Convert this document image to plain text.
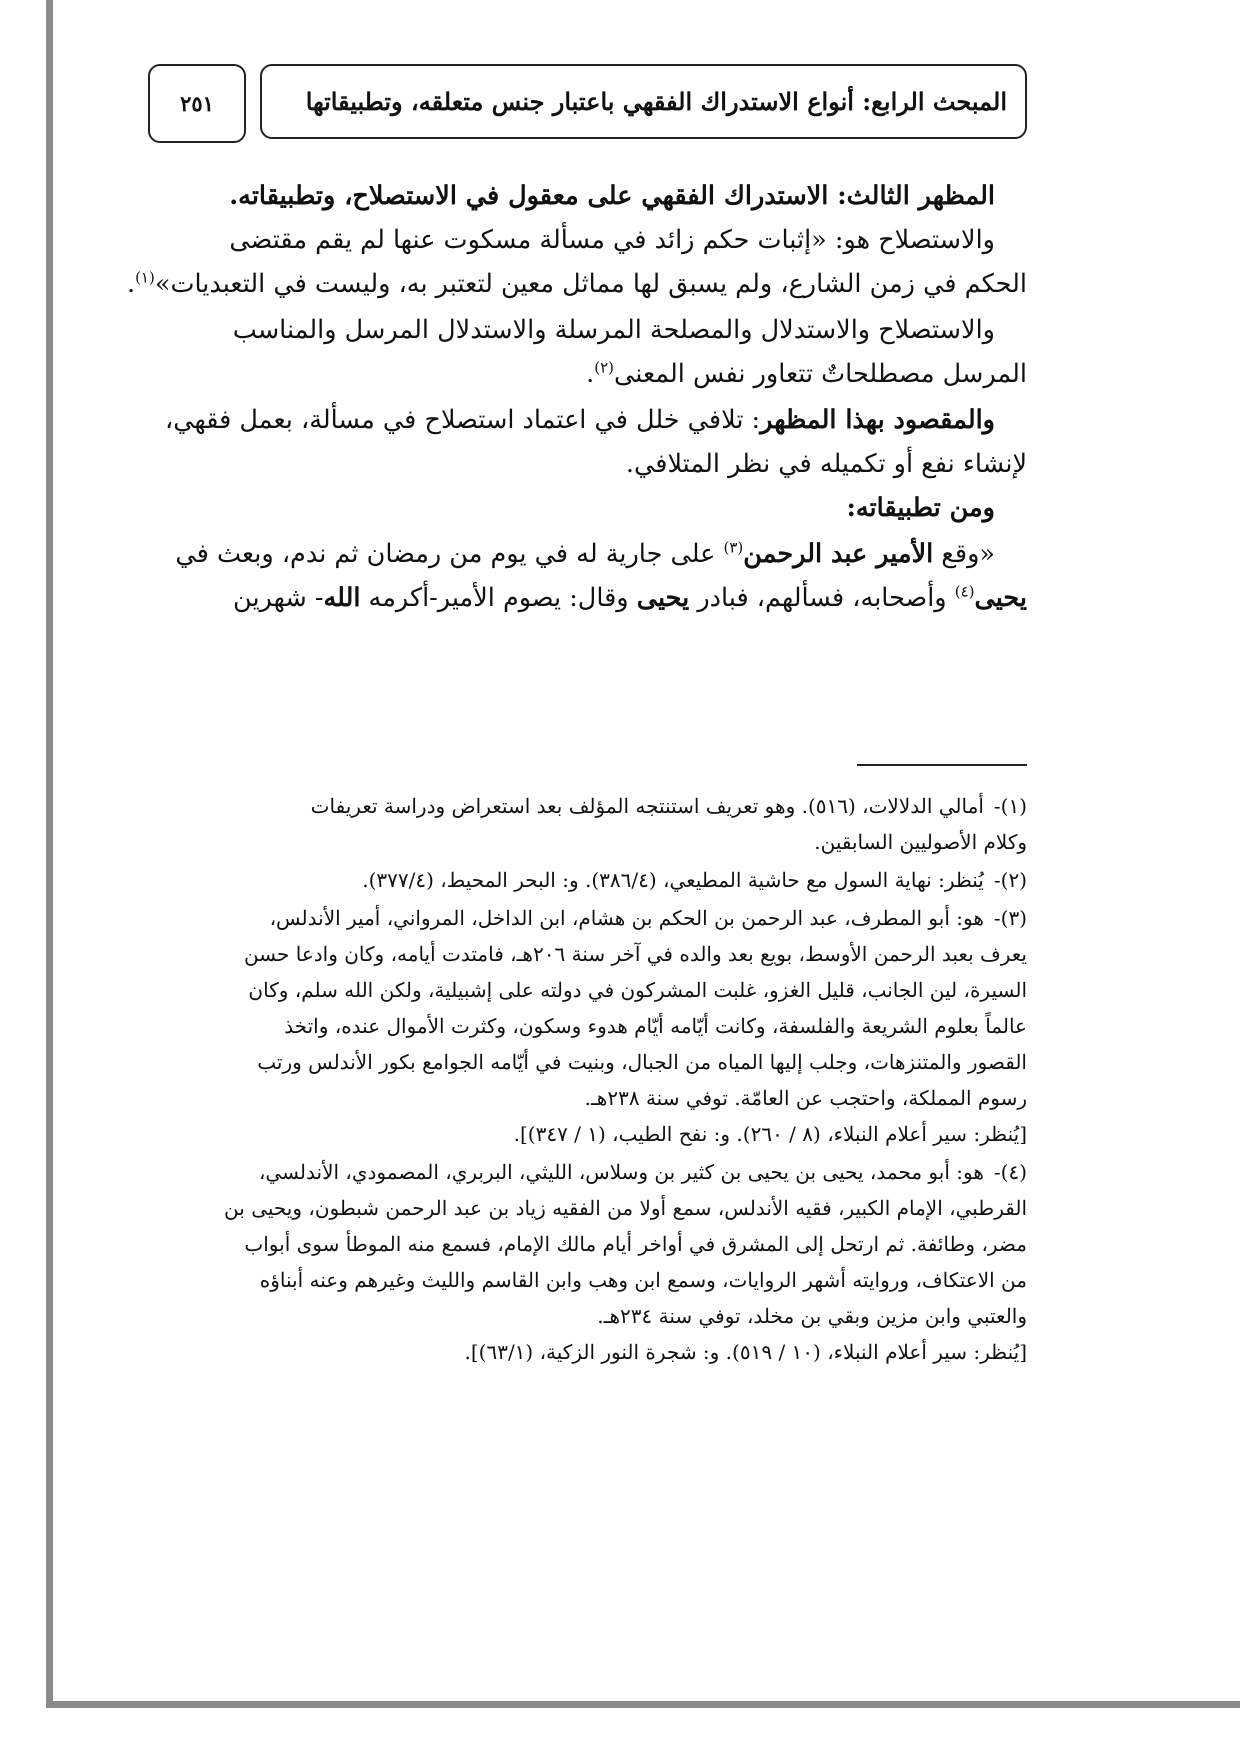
٢٥١	المبحث الرابع: أنواع الاستدراك الفقهي باعتبار جنس متعلقه، وتطبيقاتها
المظهر الثالث: الاستدراك الفقهي على معقول في الاستصلاح، وتطبيقاته.
والاستصلاح هو: «إثبات حكم زائد في مسألة مسكوت عنها لم يقم مقتضى
الحكم في زمن الشارع، ولم يسبق لها مماثل معين لتعتبر به، وليست في التعبديات»$^{(١)}$.
والاستصلاح والاستدلال والمصلحة المرسلة والاستدلال المرسل والمناسب
المرسل مصطلحاتٌ تتعاور نفس المعنى$^{(٢)}$.
والمقصود بهذا المظهر: تلافي خلل في اعتماد استصلاح في مسألة، بعمل فقهي،
لإنشاء نفع أو تكميله في نظر المتلافي.
ومن تطبيقاته:
«وقع الأمير عبد الرحمن$^{(٣)}$ على جارية له في يوم من رمضان ثم ندم، وبعث في
يحيى$^{(٤)}$ وأصحابه، فسألهم، فبادر يحيى وقال: يصوم الأمير-أكرمه الله- شهرين
(١)-أمالي الدلالات، (٥١٦). وهو تعريف استنتجه المؤلف بعد استعراض ودراسة تعريفات
وكلام الأصوليين السابقين.
(٢)-يُنظر: نهاية السول مع حاشية المطيعي، (٣٨٦/٤). و: البحر المحيط، (٣٧٧/٤).
(٣)-هو: أبو المطرف، عبد الرحمن بن الحكم بن هشام، ابن الداخل، المرواني، أمير الأندلس،
يعرف بعبد الرحمن الأوسط، بويع بعد والده في آخر سنة ٢٠٦هـ، فامتدت أيامه، وكان وادعا حسن
السيرة، لين الجانب، قليل الغزو، غلبت المشركون في دولته على إشبيلية، ولكن الله سلم، وكان
عالماً بعلوم الشريعة والفلسفة، وكانت أيّامه أيّام هدوء وسكون، وكثرت الأموال عنده، واتخذ
القصور والمتنزهات، وجلب إليها المياه من الجبال، وبنيت في أيّامه الجوامع بكور الأندلس ورتب
رسوم المملكة، واحتجب عن العامّة. توفي سنة ٢٣٨هـ.
[يُنظر: سير أعلام النبلاء، (٨ / ٢٦٠). و: نفح الطيب، (١ / ٣٤٧)].
(٤)-هو: أبو محمد، يحيى بن يحيى بن كثير بن وسلاس، الليثي، البربري، المصمودي، الأندلسي،
القرطبي، الإمام الكبير، فقيه الأندلس، سمع أولا من الفقيه زياد بن عبد الرحمن شبطون، ويحيى بن
مضر، وطائفة. ثم ارتحل إلى المشرق في أواخر أيام مالك الإمام، فسمع منه الموطأ سوى أبواب
من الاعتكاف، وروايته أشهر الروايات، وسمع ابن وهب وابن القاسم والليث وغيرهم وعنه أبناؤه
والعتبي وابن مزين وبقي بن مخلد، توفي سنة ٢٣٤هـ.
[يُنظر: سير أعلام النبلاء، (١٠ / ٥١٩). و: شجرة النور الزكية، (٦٣/١)].
